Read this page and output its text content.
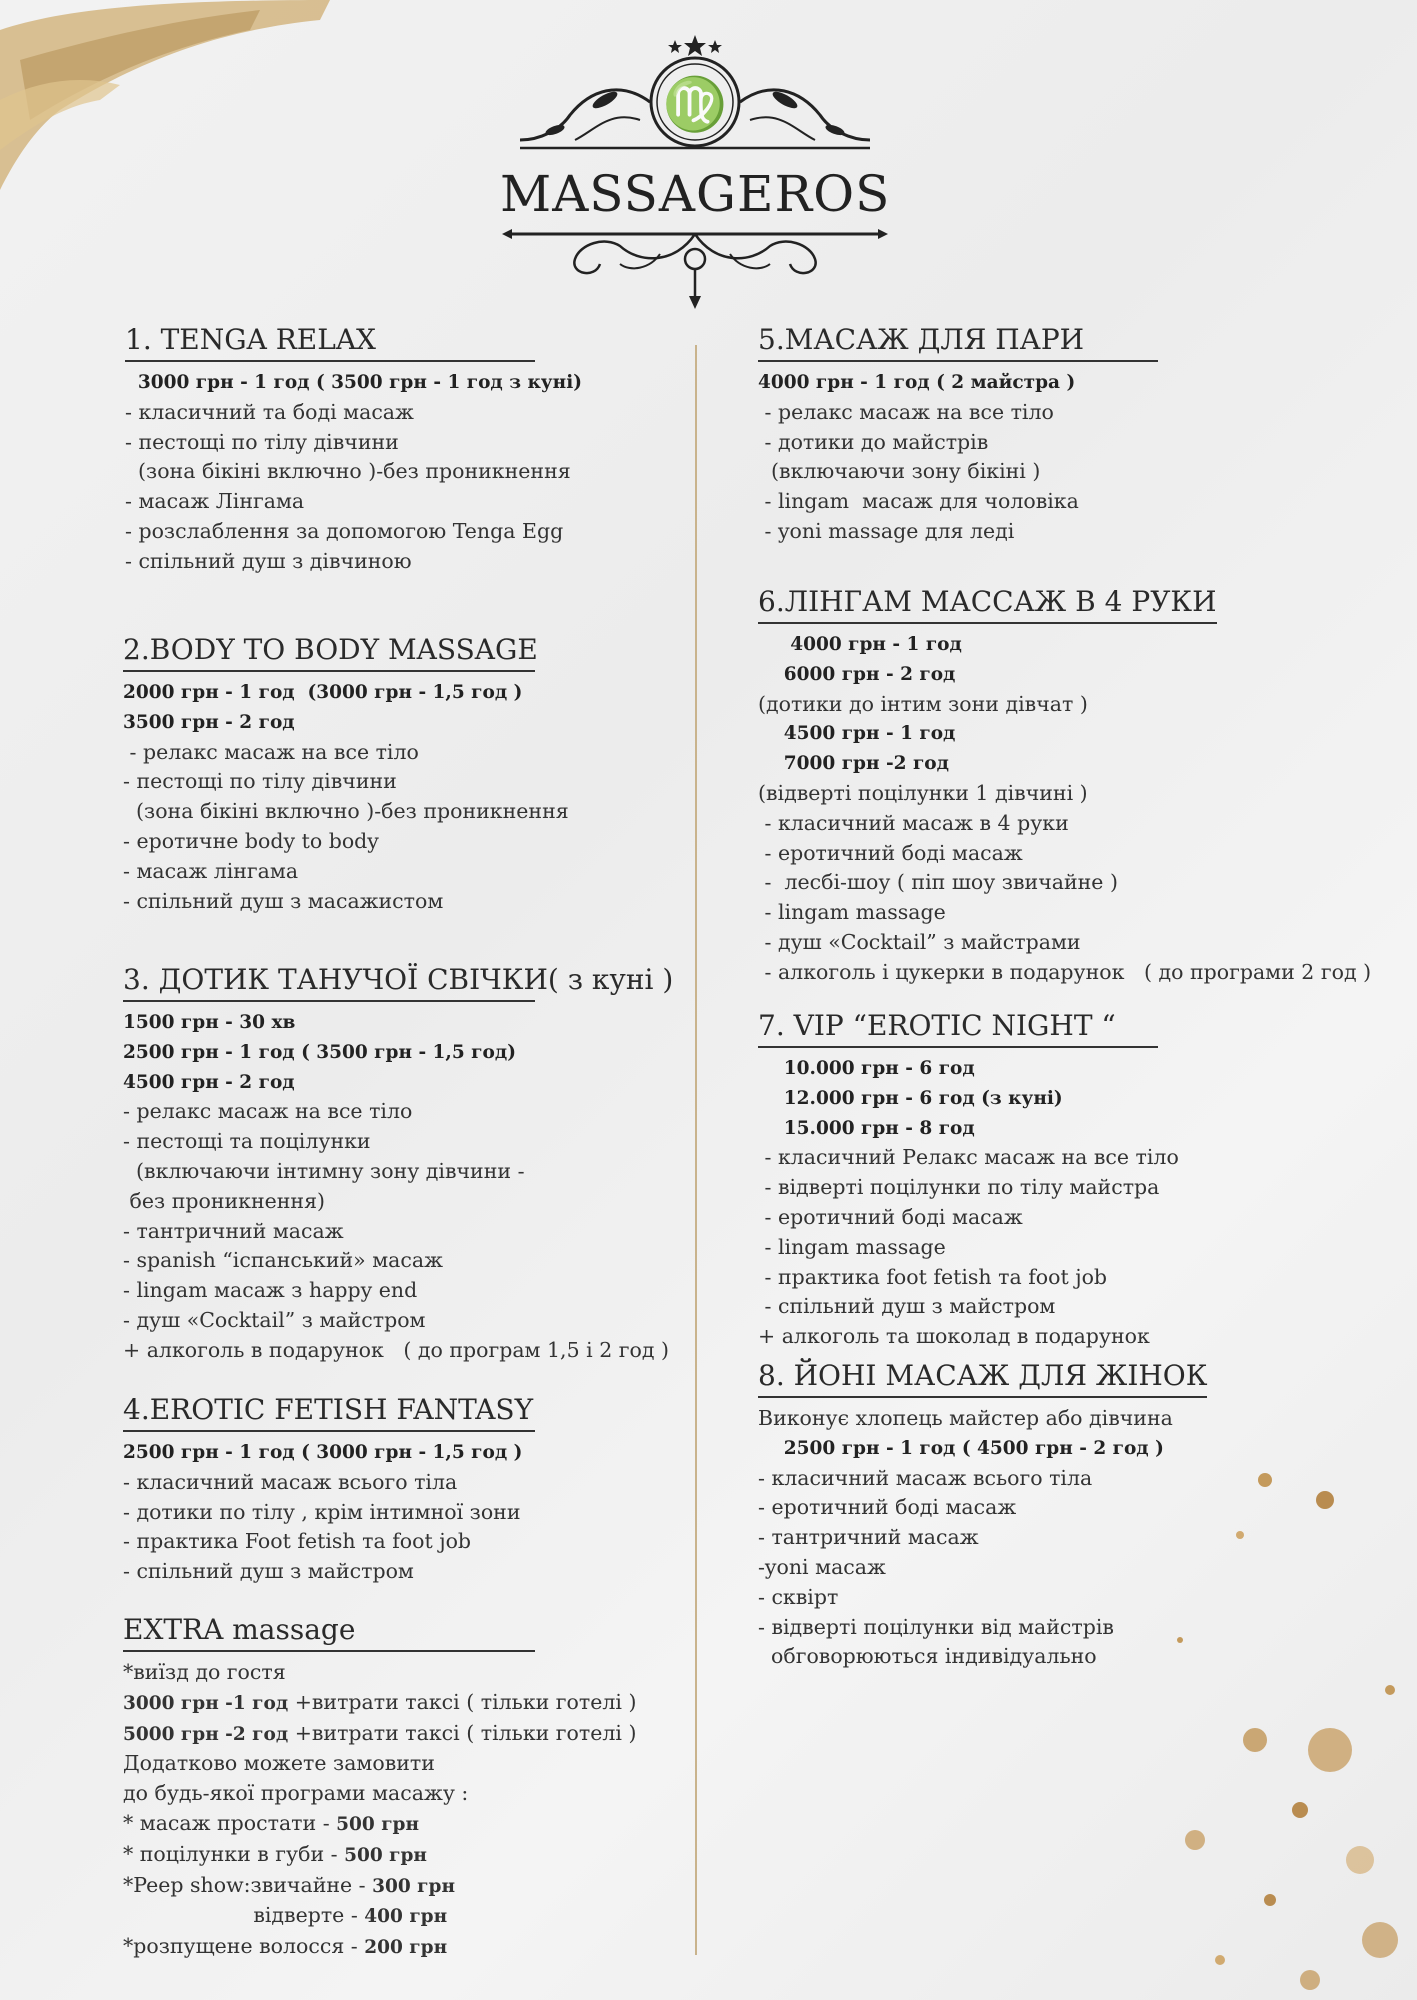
♍

MASSAGEROS

1. TENGA RELAX
3000 грн - 1 год ( 3500 грн - 1 год з куні)
- класичний та боді масаж
- пестощі по тілу дівчини
(зона бікіні включно )-без проникнення
- масаж Лінгама
- розслаблення за допомогою Tenga Egg
- спільний душ з дівчиною
2.BODY TO BODY MASSAGE
2000 грн - 1 год  (3000 грн - 1,5 год )
3500 грн - 2 год
- релакс масаж на все тіло
- пестощі по тілу дівчини
(зона бікіні включно )-без проникнення
- еротичне body to body
- масаж лінгама
- спільний душ з масажистом
3. ДОТИК ТАНУЧОЇ СВІЧКИ( з куні )
1500 грн - 30 хв
2500 грн - 1 год ( 3500 грн - 1,5 год)
4500 грн - 2 год
- релакс масаж на все тіло
- пестощі та поцілунки
(включаючи інтимну зону дівчини -
без проникнення)
- тантричний масаж
- spanish “іспанський» масаж
- lingam масаж з happy end
- душ «Cocktail” з майстром
+ алкоголь в подарунок   ( до програм 1,5 і 2 год )
4.EROTIC FETISH FANTASY
2500 грн - 1 год ( 3000 грн - 1,5 год )
- класичний масаж всього тіла
- дотики по тілу , крім інтимної зони
- практика Foot fetish та foot job
- спільний душ з майстром
EXTRA massage
*виїзд до гостя
3000 грн -1 год +витрати таксі ( тільки готелі )
5000 грн -2 год +витрати таксі ( тільки готелі )
Додатково можете замовити
до будь-якої програми масажу :
* масаж простати - 500 грн
* поцілунки в губи - 500 грн
*Peep show:звичайне - 300 грн
відверте - 400 грн
*розпущене волосся - 200 грн
5.МАСАЖ ДЛЯ ПАРИ
4000 грн - 1 год ( 2 майстра )
- релакс масаж на все тіло
- дотики до майстрів
(включаючи зону бікіні )
- lingam  масаж для чоловіка
- yoni massage для леді
6.ЛІНГАМ МАССАЖ В 4 РУКИ
4000 грн - 1 год
6000 грн - 2 год
(дотики до інтим зони дівчат )
4500 грн - 1 год
7000 грн -2 год
(відверті поцілунки 1 дівчині )
- класичний масаж в 4 руки
- еротичний боді масаж
-  лесбі-шоу ( піп шоу звичайне )
- lingam massage
- душ «Cocktail” з майстрами
- алкоголь і цукерки в подарунок   ( до програми 2 год )
7. VIP “EROTIC NIGHT “
10.000 грн - 6 год
12.000 грн - 6 год (з куні)
15.000 грн - 8 год
- класичний Релакс масаж на все тіло
- відверті поцілунки по тілу майстра
- еротичний боді масаж
- lingam massage
- практика foot fetish та foot job
- спільний душ з майстром
+ алкоголь та шоколад в подарунок
8. ЙОНІ МАСАЖ ДЛЯ ЖІНОК
Виконує хлопець майстер або дівчина
2500 грн - 1 год ( 4500 грн - 2 год )
- класичний масаж всього тіла
- еротичний боді масаж
- тантричний масаж
-yoni масаж
- сквірт
- відверті поцілунки від майстрів
обговорюються індивідуально
